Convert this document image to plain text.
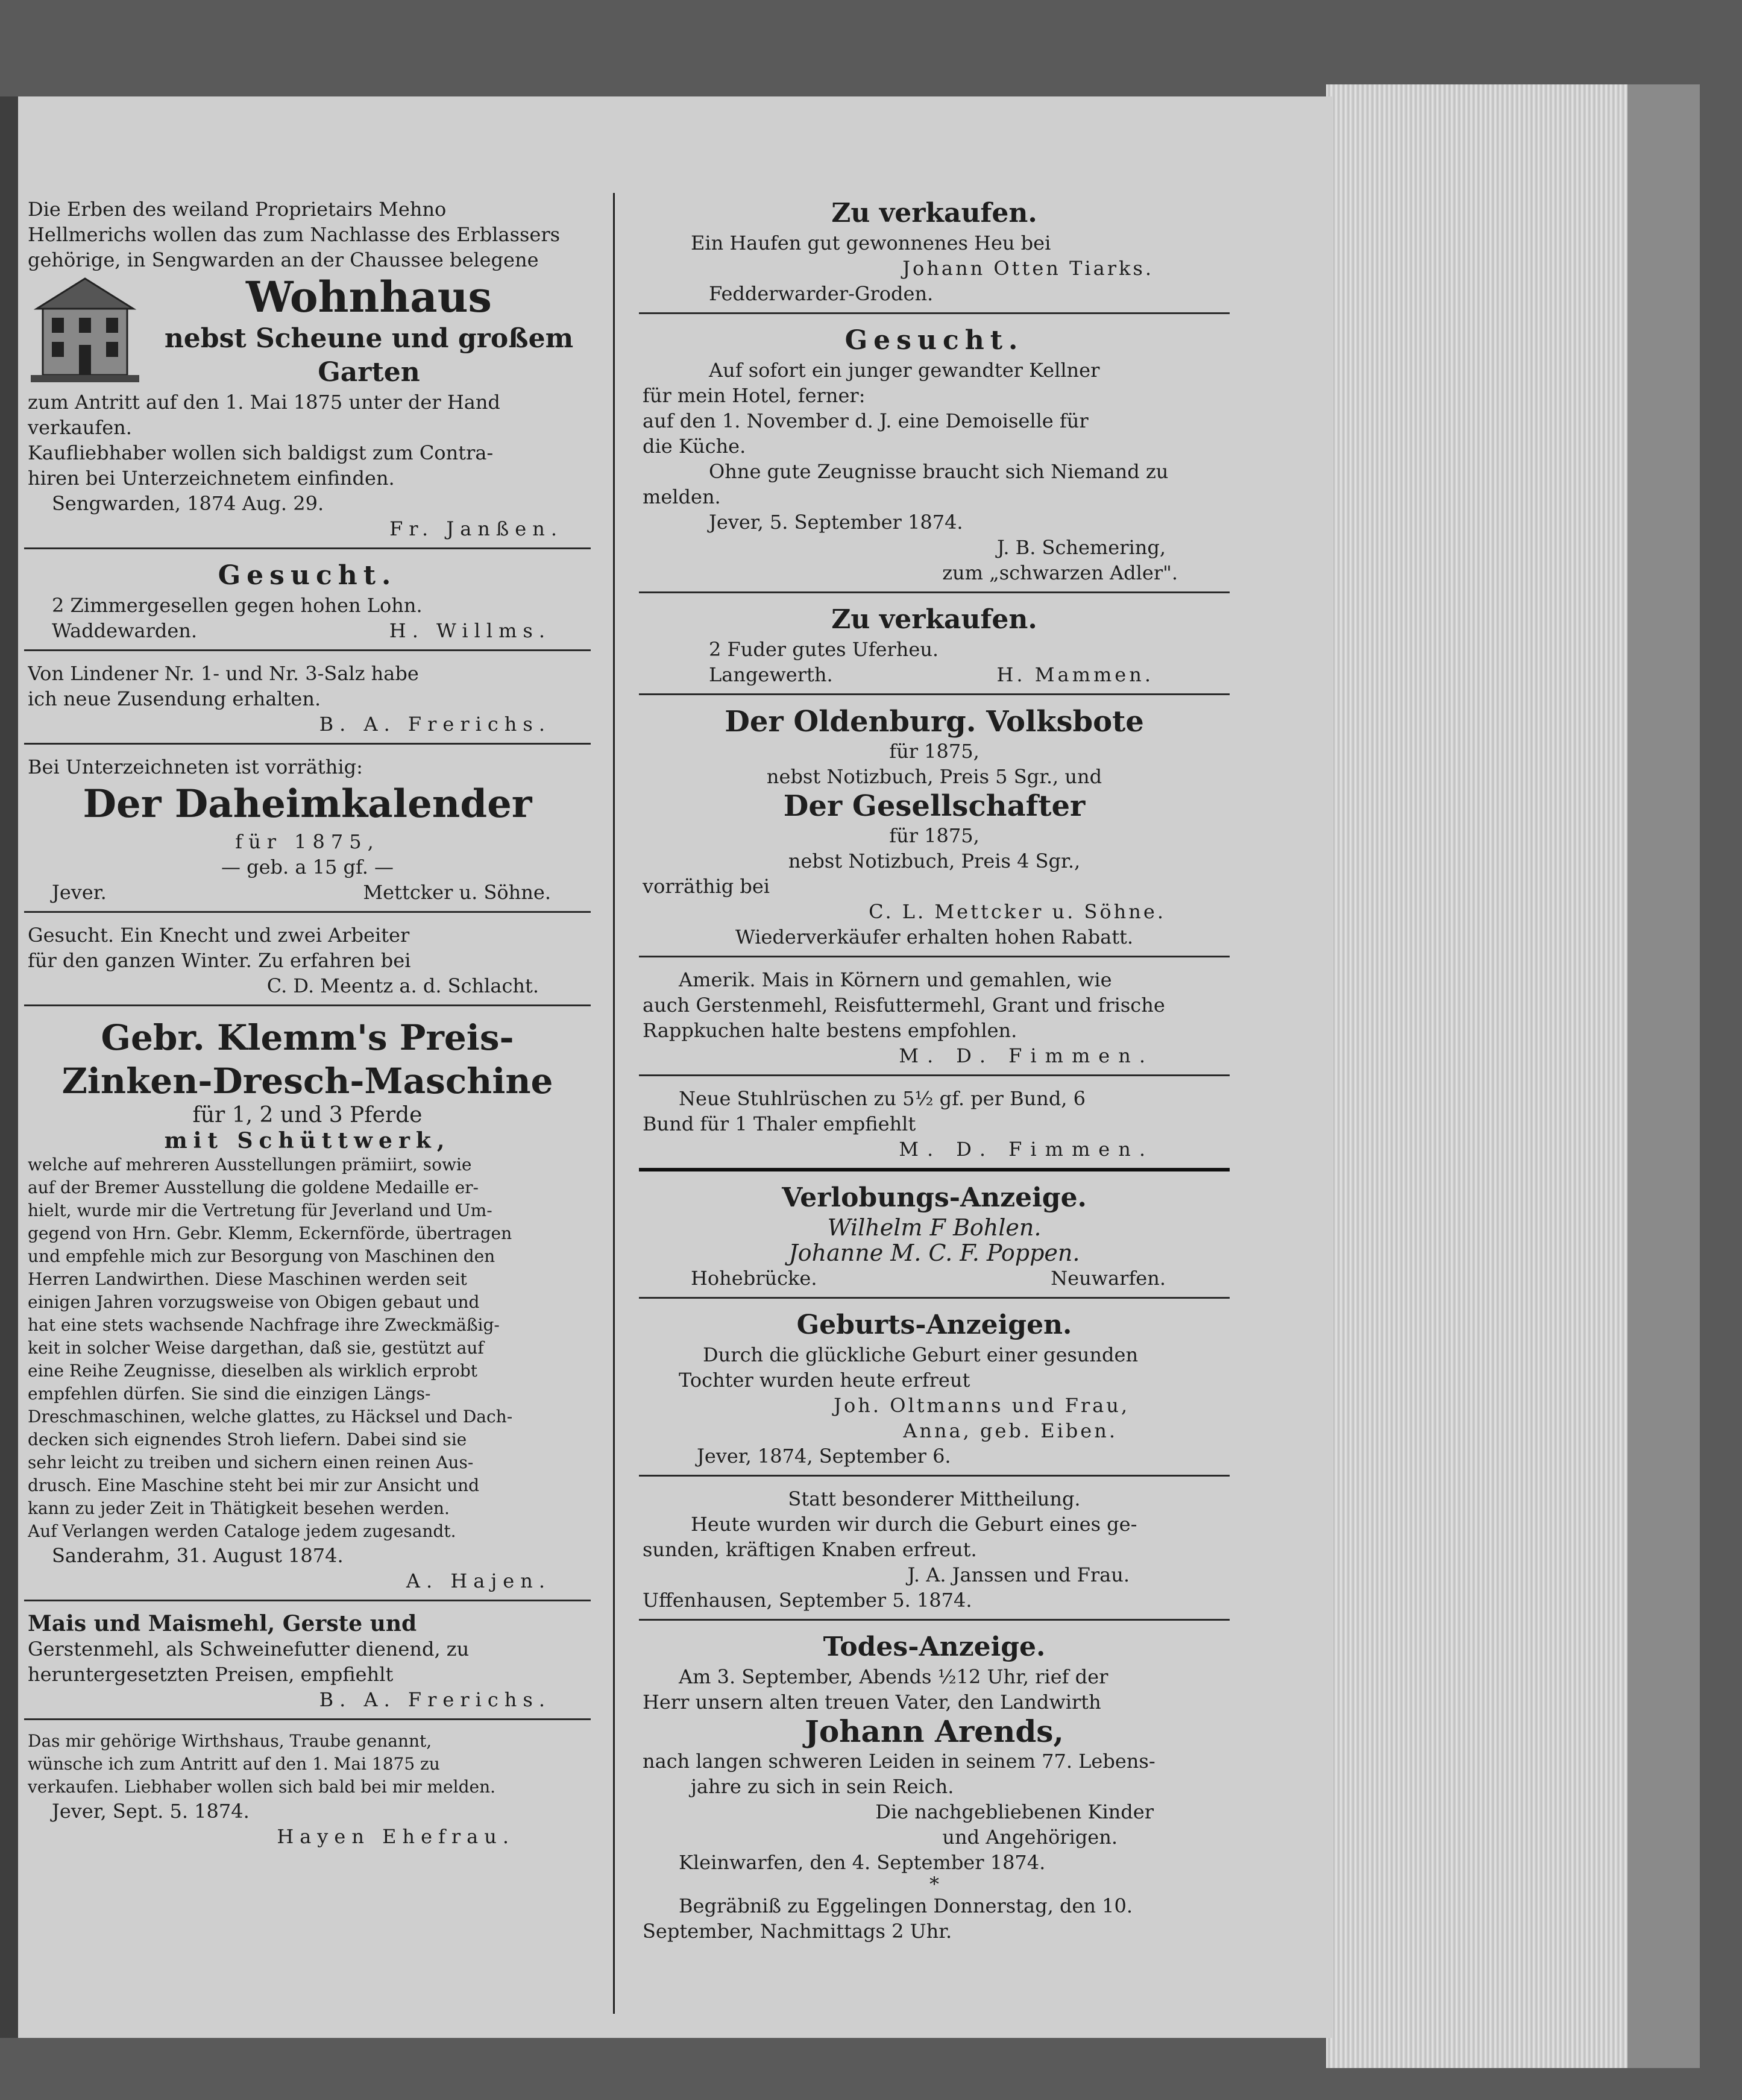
Die Erben des weiland Proprietairs Mehno
Hellmerichs wollen das zum Nachlasse des Erblassers
gehörige, in Sengwarden an der Chaussee belegene
Wohnhaus
nebst Scheune und großem
Garten
zum Antritt auf den 1. Mai 1875 unter der Hand
verkaufen.
Kaufliebhaber wollen sich baldigst zum Contra-
hiren bei Unterzeichnetem einfinden.
Sengwarden, 1874 Aug. 29.
Fr. Janßen.
Gesucht.
2 Zimmergesellen gegen hohen Lohn.
Waddewarden.	H. Willms.
Von Lindener Nr. 1- und Nr. 3-Salz habe
ich neue Zusendung erhalten.
B. A. Frerichs.
Bei Unterzeichneten ist vorräthig:
Der Daheimkalender
für 1875,
— geb. a 15 gf. —
Jever.	Mettcker u. Söhne.
Gesucht. Ein Knecht und zwei Arbeiter
für den ganzen Winter. Zu erfahren bei
C. D. Meentz a. d. Schlacht.
Gebr. Klemm's Preis-
Zinken-Dresch-Maschine
für 1, 2 und 3 Pferde
mit Schüttwerk,
welche auf mehreren Ausstellungen prämiirt, sowie
auf der Bremer Ausstellung die goldene Medaille er-
hielt, wurde mir die Vertretung für Jeverland und Um-
gegend von Hrn. Gebr. Klemm, Eckernförde, übertragen
und empfehle mich zur Besorgung von Maschinen den
Herren Landwirthen. Diese Maschinen werden seit
einigen Jahren vorzugsweise von Obigen gebaut und
hat eine stets wachsende Nachfrage ihre Zweckmäßig-
keit in solcher Weise dargethan, daß sie, gestützt auf
eine Reihe Zeugnisse, dieselben als wirklich erprobt
empfehlen dürfen. Sie sind die einzigen Längs-
Dreschmaschinen, welche glattes, zu Häcksel und Dach-
decken sich eignendes Stroh liefern. Dabei sind sie
sehr leicht zu treiben und sichern einen reinen Aus-
drusch. Eine Maschine steht bei mir zur Ansicht und
kann zu jeder Zeit in Thätigkeit besehen werden.
Auf Verlangen werden Cataloge jedem zugesandt.
Sanderahm, 31. August 1874.
A. Hajen.
Mais und Maismehl, Gerste und
Gerstenmehl, als Schweinefutter dienend, zu
heruntergesetzten Preisen, empfiehlt
B. A. Frerichs.
Das mir gehörige Wirthshaus, Traube genannt,
wünsche ich zum Antritt auf den 1. Mai 1875 zu
verkaufen. Liebhaber wollen sich bald bei mir melden.
Jever, Sept. 5. 1874.
Hayen Ehefrau.
Zu verkaufen.
Ein Haufen gut gewonnenes Heu bei
Johann Otten Tiarks.
Fedderwarder-Groden.
Gesucht.
Auf sofort ein junger gewandter Kellner
für mein Hotel, ferner:
auf den 1. November d. J. eine Demoiselle für
die Küche.
Ohne gute Zeugnisse braucht sich Niemand zu
melden.
Jever, 5. September 1874.
J. B. Schemering,
zum „schwarzen Adler".
Zu verkaufen.
2 Fuder gutes Uferheu.
Langewerth.	H. Mammen.
Der Oldenburg. Volksbote
für 1875,
nebst Notizbuch, Preis 5 Sgr., und
Der Gesellschafter
für 1875,
nebst Notizbuch, Preis 4 Sgr.,
vorräthig bei
C. L. Mettcker u. Söhne.
Wiederverkäufer erhalten hohen Rabatt.
Amerik. Mais in Körnern und gemahlen, wie
auch Gerstenmehl, Reisfuttermehl, Grant und frische
Rappkuchen halte bestens empfohlen.
M. D. Fimmen.
Neue Stuhlrüschen zu 5½ gf. per Bund, 6
Bund für 1 Thaler empfiehlt
M. D. Fimmen.
Verlobungs-Anzeige.
Wilhelm F Bohlen.
Johanne M. C. F. Poppen.
Hohebrücke.	Neuwarfen.
Geburts-Anzeigen.
Durch die glückliche Geburt einer gesunden
Tochter wurden heute erfreut
Joh. Oltmanns und Frau,
Anna, geb. Eiben.
Jever, 1874, September 6.
Statt besonderer Mittheilung.
Heute wurden wir durch die Geburt eines ge-
sunden, kräftigen Knaben erfreut.
J. A. Janssen und Frau.
Uffenhausen, September 5. 1874.
Todes-Anzeige.
Am 3. September, Abends ½12 Uhr, rief der
Herr unsern alten treuen Vater, den Landwirth
Johann Arends,
nach langen schweren Leiden in seinem 77. Lebens-
jahre zu sich in sein Reich.
Die nachgebliebenen Kinder
und Angehörigen.
Kleinwarfen, den 4. September 1874.
*
Begräbniß zu Eggelingen Donnerstag, den 10.
September, Nachmittags 2 Uhr.
